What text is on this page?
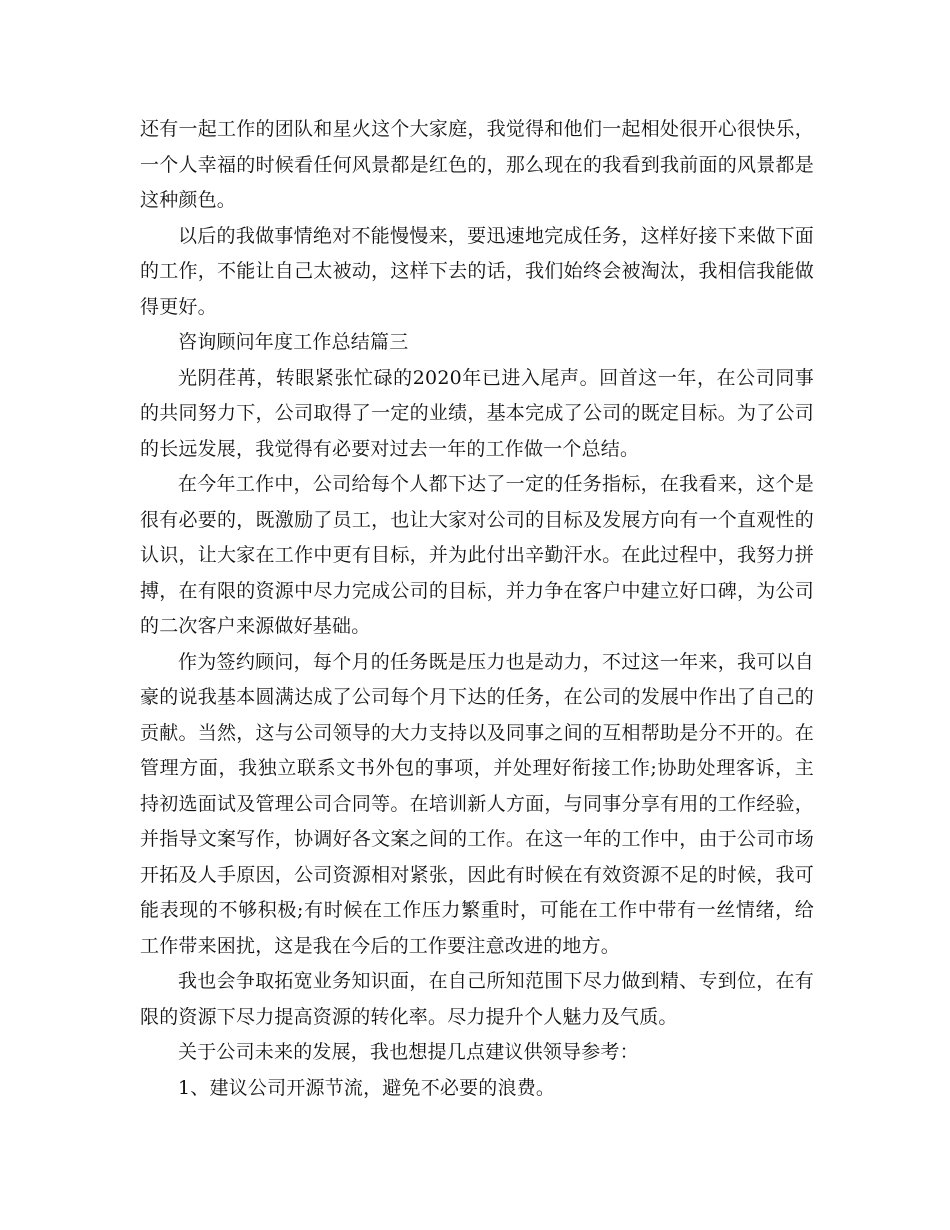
还有一起工作的团队和星火这个大家庭，我觉得和他们一起相处很开心很快乐，一个人幸福的时候看任何风景都是红色的，那么现在的我看到我前面的风景都是这种颜色。

以后的我做事情绝对不能慢慢来，要迅速地完成任务，这样好接下来做下面的工作，不能让自己太被动，这样下去的话，我们始终会被淘汰，我相信我能做得更好。

咨询顾问年度工作总结篇三

光阴荏苒，转眼紧张忙碌的2020年已进入尾声。回首这一年，在公司同事的共同努力下，公司取得了一定的业绩，基本完成了公司的既定目标。为了公司的长远发展，我觉得有必要对过去一年的工作做一个总结。

在今年工作中，公司给每个人都下达了一定的任务指标，在我看来，这个是很有必要的，既激励了员工，也让大家对公司的目标及发展方向有一个直观性的认识，让大家在工作中更有目标，并为此付出辛勤汗水。在此过程中，我努力拼搏，在有限的资源中尽力完成公司的目标，并力争在客户中建立好口碑，为公司的二次客户来源做好基础。

作为签约顾问，每个月的任务既是压力也是动力，不过这一年来，我可以自豪的说我基本圆满达成了公司每个月下达的任务，在公司的发展中作出了自己的贡献。当然，这与公司领导的大力支持以及同事之间的互相帮助是分不开的。在管理方面，我独立联系文书外包的事项，并处理好衔接工作;协助处理客诉，主持初选面试及管理公司合同等。在培训新人方面，与同事分享有用的工作经验，并指导文案写作，协调好各文案之间的工作。在这一年的工作中，由于公司市场开拓及人手原因，公司资源相对紧张，因此有时候在有效资源不足的时候，我可能表现的不够积极;有时候在工作压力繁重时，可能在工作中带有一丝情绪，给工作带来困扰，这是我在今后的工作要注意改进的地方。

我也会争取拓宽业务知识面，在自己所知范围下尽力做到精、专到位，在有限的资源下尽力提高资源的转化率。尽力提升个人魅力及气质。

关于公司未来的发展，我也想提几点建议供领导参考：

1、建议公司开源节流，避免不必要的浪费。
